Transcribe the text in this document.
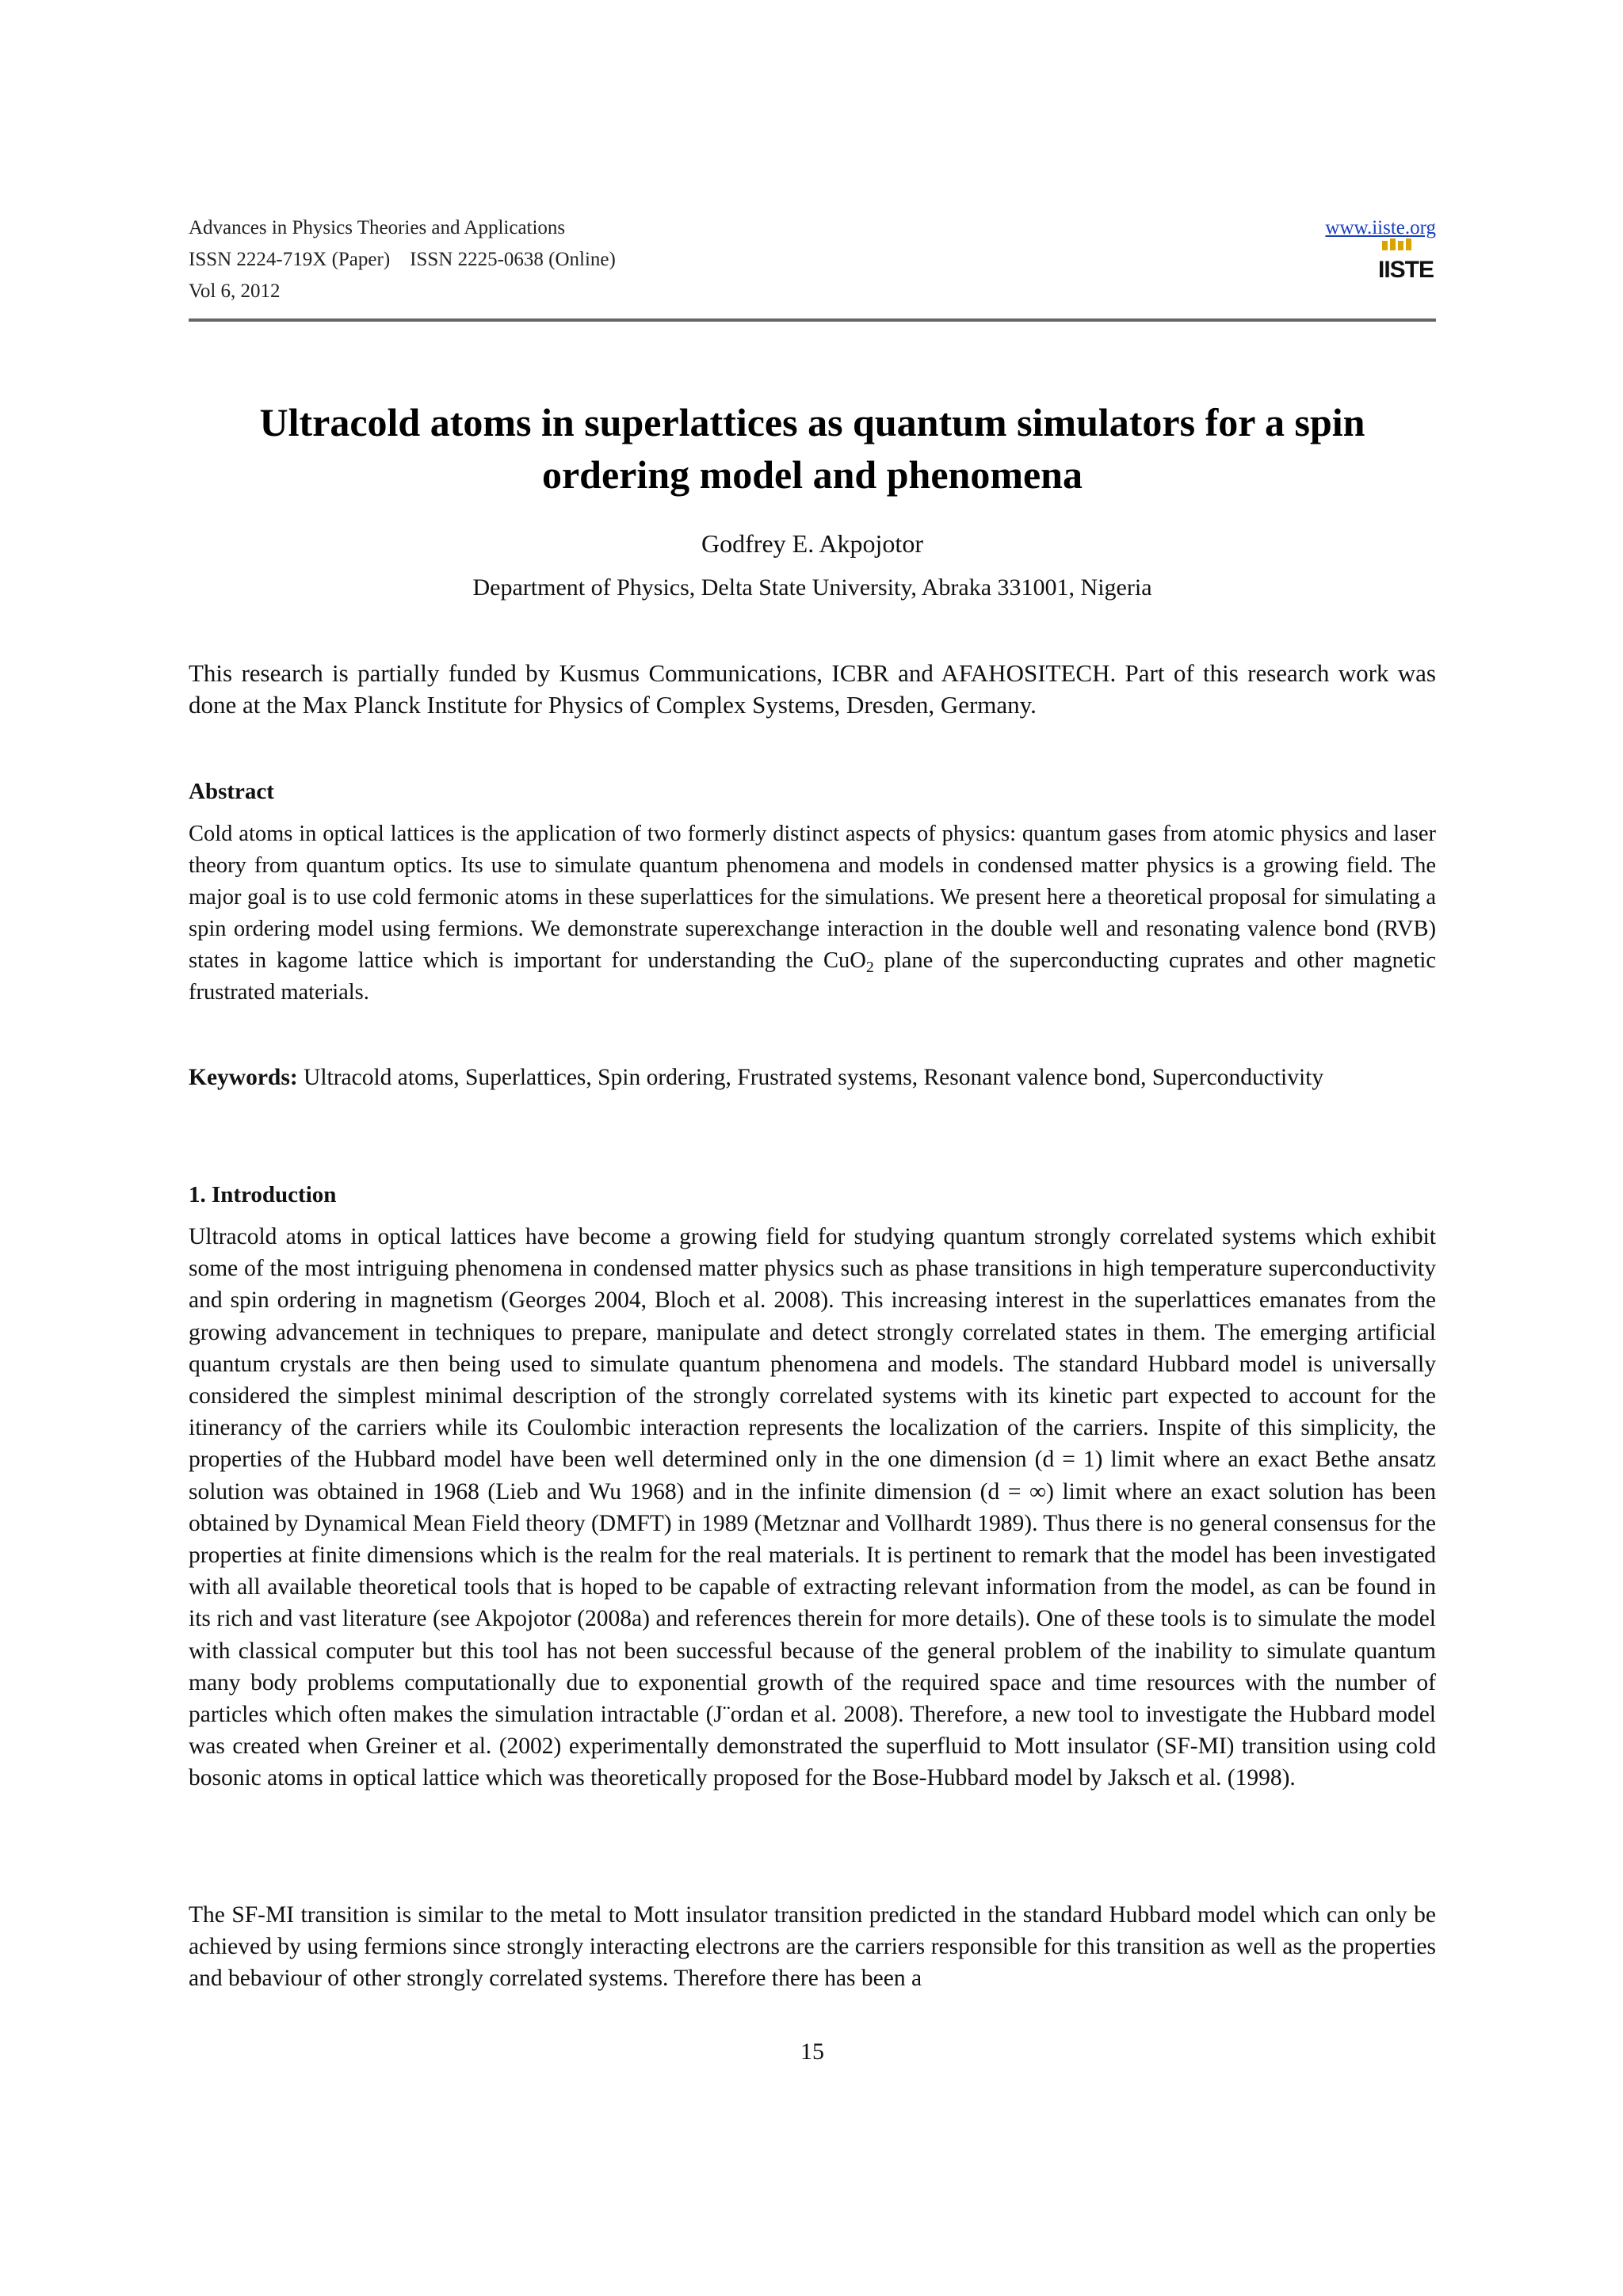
Advances in Physics Theories and Applications
ISSN 2224-719X (Paper)    ISSN 2225-0638 (Online)
Vol 6, 2012
www.iiste.org
IISTE
Ultracold atoms in superlattices as quantum simulators for a spin ordering model and phenomena
Godfrey E. Akpojotor
Department of Physics, Delta State University, Abraka 331001, Nigeria
This research is partially funded by Kusmus Communications, ICBR and AFAHOSITECH. Part of this research work was done at the Max Planck Institute for Physics of Complex Systems, Dresden, Germany.
Abstract
Cold atoms in optical lattices is the application of two formerly distinct aspects of physics: quantum gases from atomic physics and laser theory from quantum optics. Its use to simulate quantum phenomena and models in condensed matter physics is a growing field. The major goal is to use cold fermonic atoms in these superlattices for the simulations. We present here a theoretical proposal for simulating a spin ordering model using fermions. We demonstrate superexchange interaction in the double well and resonating valence bond (RVB) states in kagome lattice which is important for understanding the CuO$_2$ plane of the superconducting cuprates and other magnetic frustrated materials.
Keywords: Ultracold atoms, Superlattices, Spin ordering, Frustrated systems, Resonant valence bond, Superconductivity
1. Introduction
Ultracold atoms in optical lattices have become a growing field for studying quantum strongly correlated systems which exhibit some of the most intriguing phenomena in condensed matter physics such as phase transitions in high temperature superconductivity and spin ordering in magnetism (Georges 2004, Bloch et al. 2008). This increasing interest in the superlattices emanates from the growing advancement in techniques to prepare, manipulate and detect strongly correlated states in them. The emerging artificial quantum crystals are then being used to simulate quantum phenomena and models. The standard Hubbard model is universally considered the simplest minimal description of the strongly correlated systems with its kinetic part expected to account for the itinerancy of the carriers while its Coulombic interaction represents the localization of the carriers. Inspite of this simplicity, the properties of the Hubbard model have been well determined only in the one dimension (d = 1) limit where an exact Bethe ansatz solution was obtained in 1968 (Lieb and Wu 1968) and in the infinite dimension (d = ∞) limit where an exact solution has been obtained by Dynamical Mean Field theory (DMFT) in 1989 (Metznar and Vollhardt 1989). Thus there is no general consensus for the properties at finite dimensions which is the realm for the real materials. It is pertinent to remark that the model has been investigated with all available theoretical tools that is hoped to be capable of extracting relevant information from the model, as can be found in its rich and vast literature (see Akpojotor (2008a) and references therein for more details). One of these tools is to simulate the model with classical computer but this tool has not been successful because of the general problem of the inability to simulate quantum many body problems computationally due to exponential growth of the required space and time resources with the number of particles which often makes the simulation intractable (J¨ordan et al. 2008). Therefore, a new tool to investigate the Hubbard model was created when Greiner et al. (2002) experimentally demonstrated the superfluid to Mott insulator (SF-MI) transition using cold bosonic atoms in optical lattice which was theoretically proposed for the Bose-Hubbard model by Jaksch et al. (1998).
The SF-MI transition is similar to the metal to Mott insulator transition predicted in the standard Hubbard model which can only be achieved by using fermions since strongly interacting electrons are the carriers responsible for this transition as well as the properties and bebaviour of other strongly correlated systems. Therefore there has been a
15
